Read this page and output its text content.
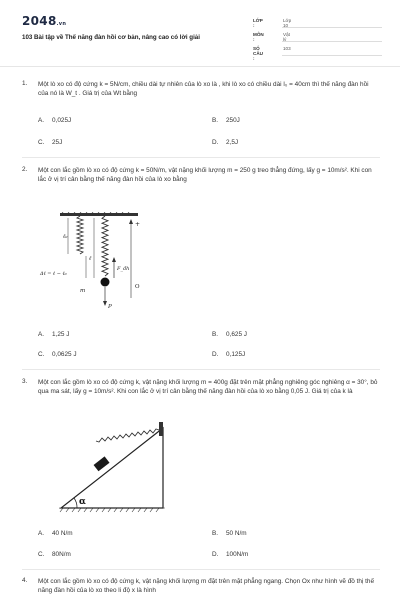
2048.vn
103 Bài tập về Thế năng đàn hồi cơ bản, nâng cao có lời giải
LỚP :
Lớp 10
MÔN :
Vật lý
SỐ CÂU :
103
1. Một lò xo có độ cứng k = 5N/cm, chiều dài tự nhiên của lò xo là , khi lò xo có chiều dài l₀ = 40cm thì thế năng đàn hồi của nó là W_t . Giá trị của Wt bằng
A. 0,025J	B. 250J
C. 25J	D. 2,5J
2. Một con lắc gồm lò xo có độ cứng k = 50N/m, vật nặng khối lượng m = 250 g treo thẳng đứng, lấy g = 10m/s². Khi con lắc ở vị trí cân bằng thế năng đàn hồi của lò xo bằng
ℓ₀
Δℓ = ℓ − ℓ₀
ℓ
m
F_đh
P
O
+
A. 1,25 J	B. 0,625 J
C. 0,0625 J	D. 0,125J
3. Một con lắc gồm lò xo có độ cứng k, vật nặng khối lượng m = 400g đặt trên mặt phẳng nghiêng góc nghiêng α = 30°, bỏ qua ma sát, lấy g = 10m/s². Khi con lắc ở vị trí cân bằng thế năng đàn hồi của lò xo bằng 0,05 J. Giá trị của k là
α
A. 40 N/m	B. 50 N/m
C. 80N/m	D. 100N/m
4. Một con lắc gồm lò xo có độ cứng k, vật nặng khối lượng m đặt trên mặt phẳng ngang. Chọn Ox như hình vẽ đồ thị thế năng đàn hồi của lò xo theo li độ x là hình
